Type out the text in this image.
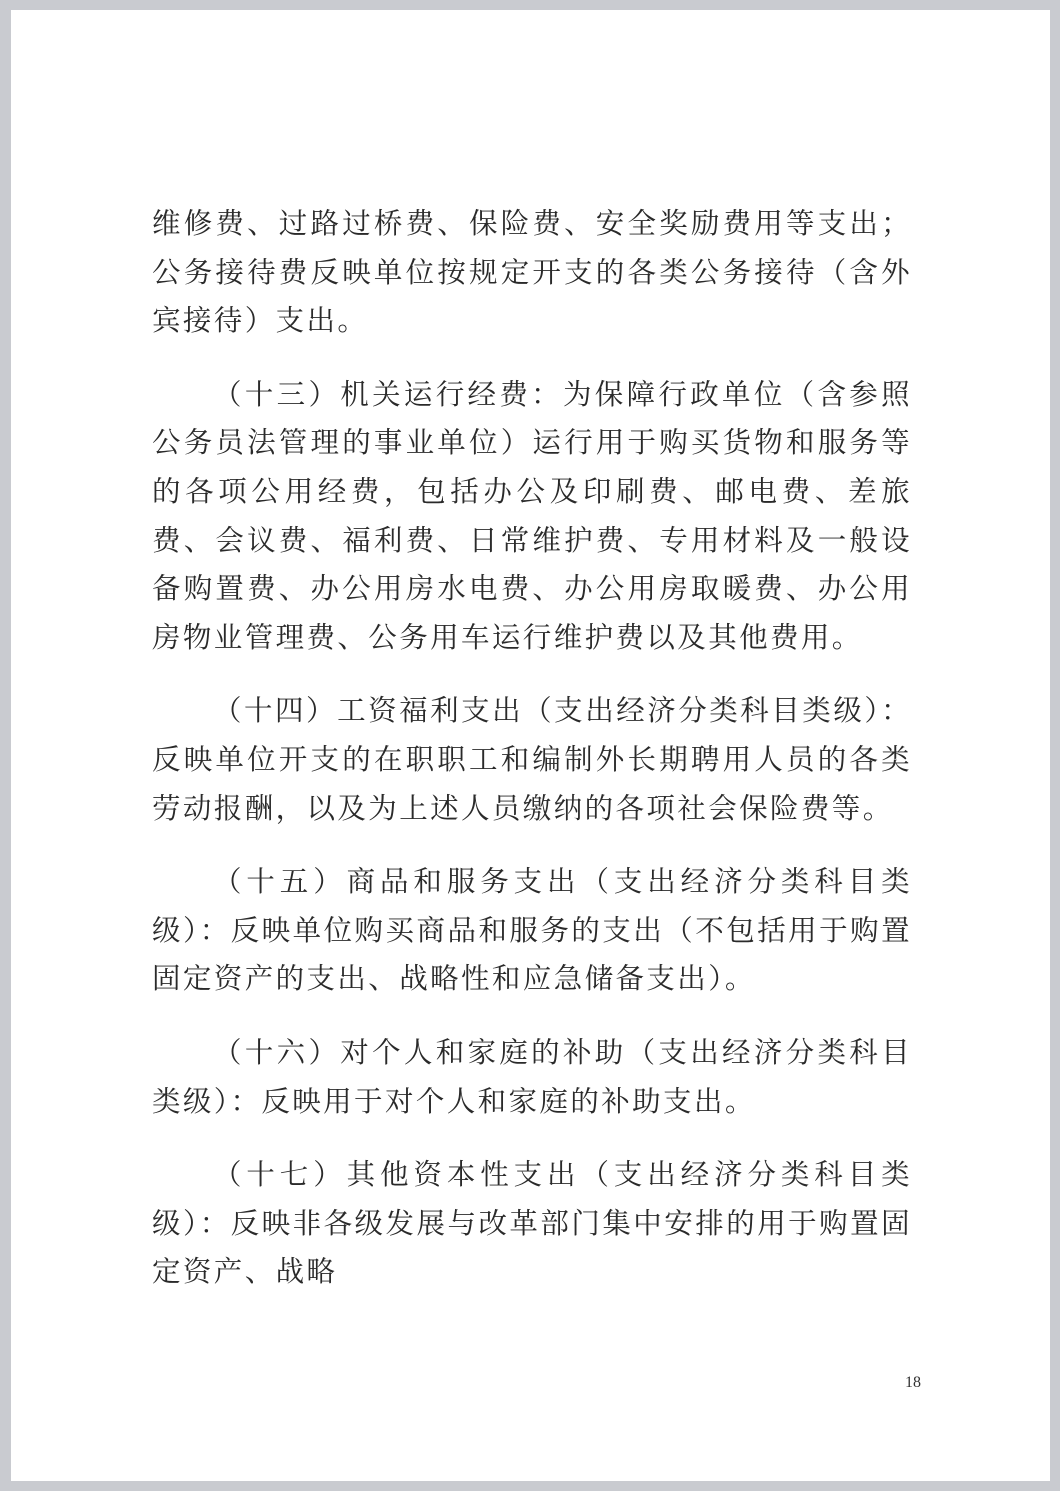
维修费、过路过桥费、保险费、安全奖励费用等支出；公务接待费反映单位按规定开支的各类公务接待（含外宾接待）支出。

（十三）机关运行经费：为保障行政单位（含参照公务员法管理的事业单位）运行用于购买货物和服务等的各项公用经费，包括办公及印刷费、邮电费、差旅费、会议费、福利费、日常维护费、专用材料及一般设备购置费、办公用房水电费、办公用房取暖费、办公用房物业管理费、公务用车运行维护费以及其他费用。

（十四）工资福利支出（支出经济分类科目类级）：反映单位开支的在职职工和编制外长期聘用人员的各类劳动报酬，以及为上述人员缴纳的各项社会保险费等。

（十五）商品和服务支出（支出经济分类科目类级）：反映单位购买商品和服务的支出（不包括用于购置固定资产的支出、战略性和应急储备支出）。

（十六）对个人和家庭的补助（支出经济分类科目类级）：反映用于对个人和家庭的补助支出。

（十七）其他资本性支出（支出经济分类科目类级）：反映非各级发展与改革部门集中安排的用于购置固定资产、战略

18
